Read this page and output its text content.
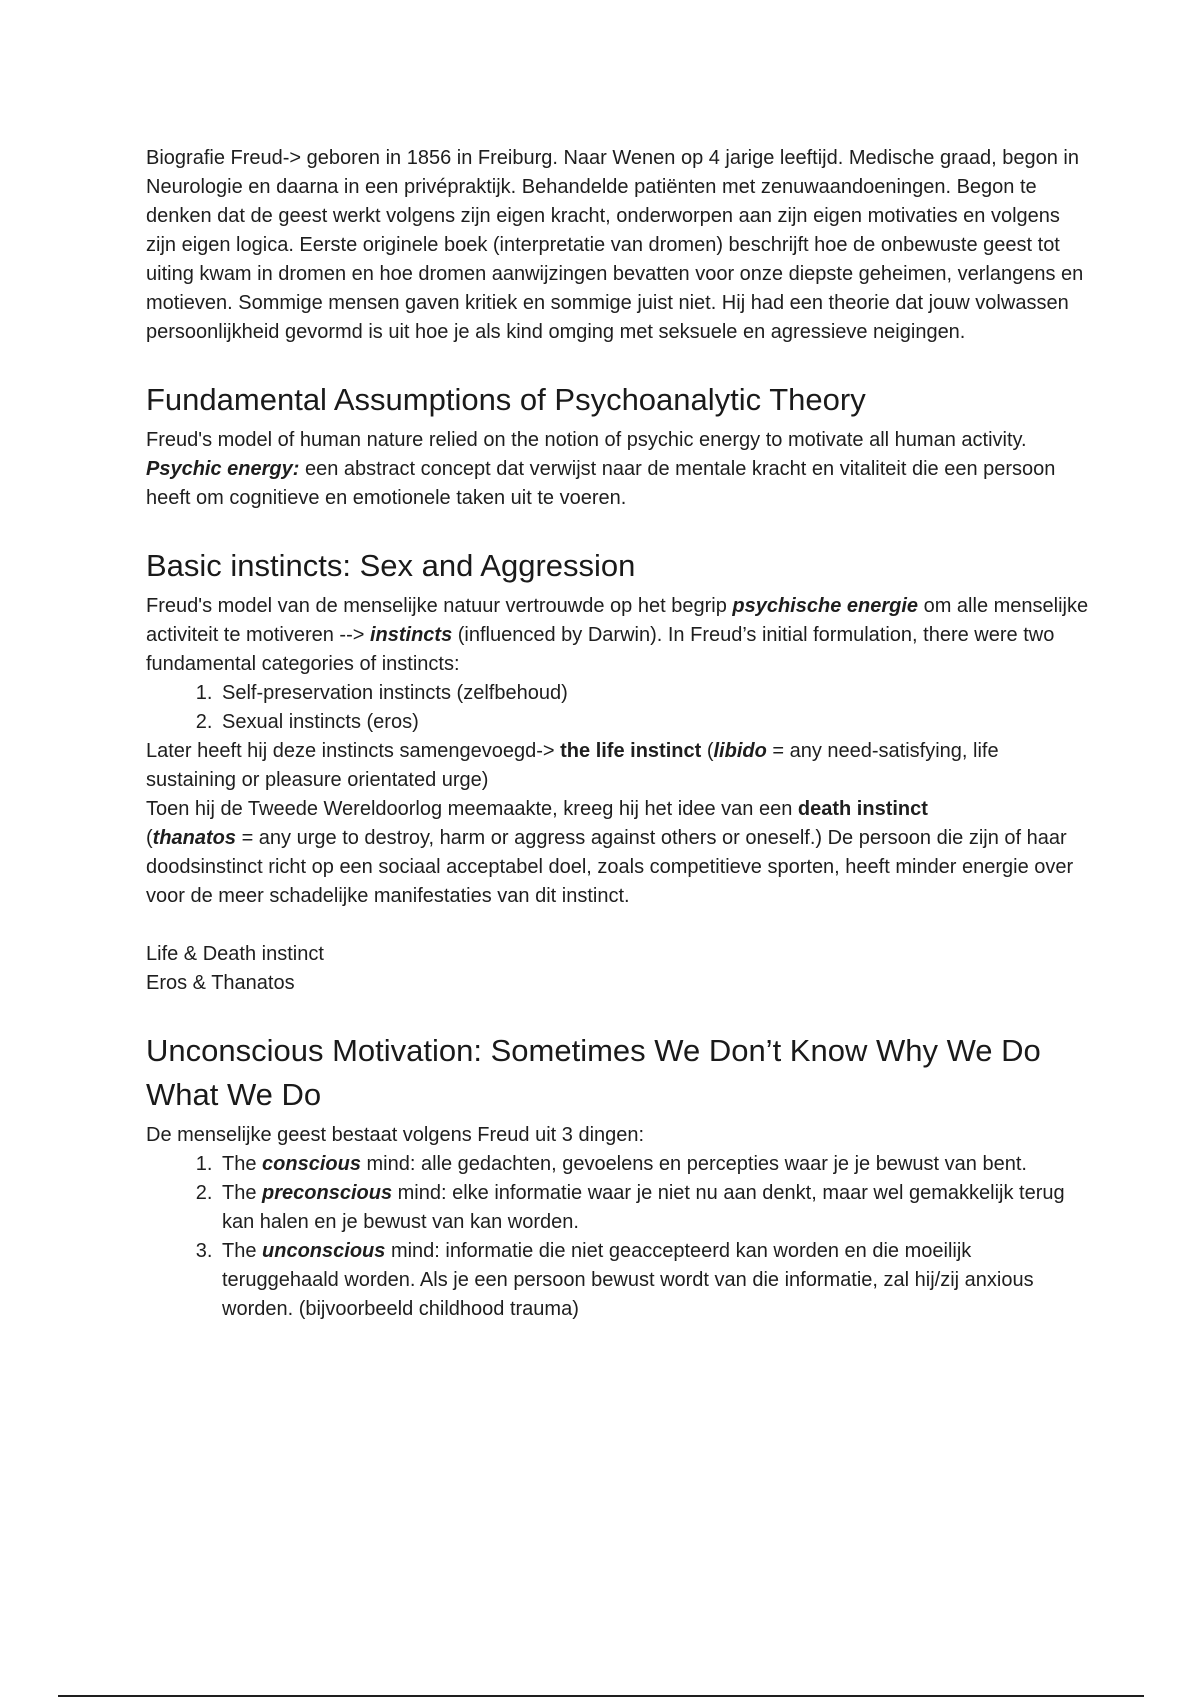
Biografie Freud-> geboren in 1856 in Freiburg. Naar Wenen op 4 jarige leeftijd. Medische graad, begon in Neurologie en daarna in een privépraktijk. Behandelde patiënten met zenuwaandoeningen. Begon te denken dat de geest werkt volgens zijn eigen kracht, onderworpen aan zijn eigen motivaties en volgens zijn eigen logica. Eerste originele boek (interpretatie van dromen) beschrijft hoe de onbewuste geest tot uiting kwam in dromen en hoe dromen aanwijzingen bevatten voor onze diepste geheimen, verlangens en motieven. Sommige mensen gaven kritiek en sommige juist niet. Hij had een theorie dat jouw volwassen persoonlijkheid gevormd is uit hoe je als kind omging met seksuele en agressieve neigingen.

Fundamental Assumptions of Psychoanalytic Theory

Freud's model of human nature relied on the notion of psychic energy to motivate all human activity. Psychic energy: een abstract concept dat verwijst naar de mentale kracht en vitaliteit die een persoon heeft om cognitieve en emotionele taken uit te voeren.

Basic instincts: Sex and Aggression

Freud's model van de menselijke natuur vertrouwde op het begrip psychische energie om alle menselijke activiteit te motiveren --> instincts (influenced by Darwin). In Freud’s initial formulation, there were two fundamental categories of instincts:

1. Self-preservation instincts (zelfbehoud)
2. Sexual instincts (eros)

Later heeft hij deze instincts samengevoegd-> the life instinct (libido = any need-satisfying, life sustaining or pleasure orientated urge)

Toen hij de Tweede Wereldoorlog meemaakte, kreeg hij het idee van een death instinct
(thanatos = any urge to destroy, harm or aggress against others or oneself.) De persoon die zijn of haar doodsinstinct richt op een sociaal acceptabel doel, zoals competitieve sporten, heeft minder energie over voor de meer schadelijke manifestaties van dit instinct.

Life & Death instinct

Eros & Thanatos

Unconscious Motivation: Sometimes We Don’t Know Why We Do What We Do

De menselijke geest bestaat volgens Freud uit 3 dingen:

1. The conscious mind: alle gedachten, gevoelens en percepties waar je je bewust van bent.
2. The preconscious mind: elke informatie waar je niet nu aan denkt, maar wel gemakkelijk terug kan halen en je bewust van kan worden.
3. The unconscious mind: informatie die niet geaccepteerd kan worden en die moeilijk teruggehaald worden. Als je een persoon bewust wordt van die informatie, zal hij/zij anxious worden. (bijvoorbeeld childhood trauma)
